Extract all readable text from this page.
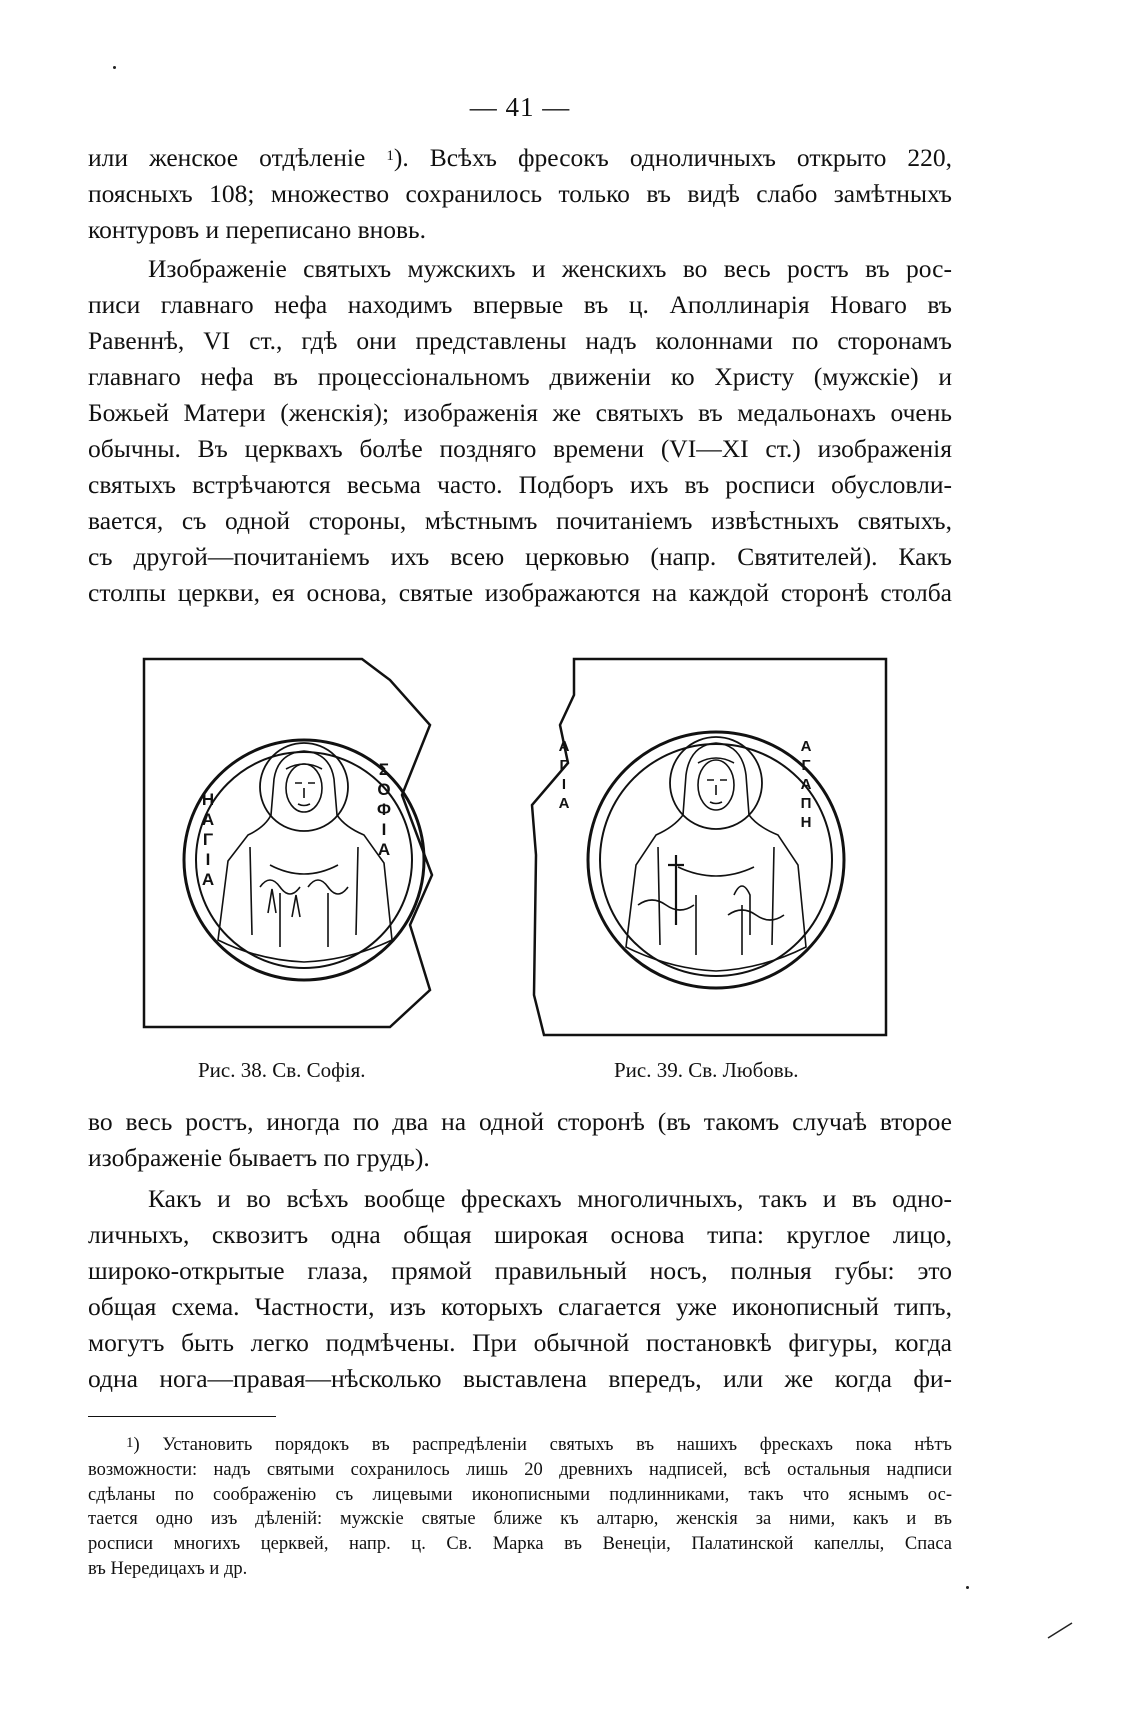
— 41 —
или женское отдѣленіе $^1$). Всѣхъ фресокъ одноличныхъ открыто 220,
поясныхъ 108; множество сохранилось только въ видѣ слабо замѣтныхъ
контуровъ и переписано вновь.
Изображеніе святыхъ мужскихъ и женскихъ во весь ростъ въ рос-
писи главнаго нефа находимъ впервые въ ц. Аполлинарія Новаго въ
Равеннѣ, VI ст., гдѣ они представлены надъ колоннами по сторонамъ
главнаго нефа въ процессіональномъ движеніи ко Христу (мужскіе) и
Божьей Матери (женскія); изображенія же святыхъ въ медальонахъ очень
обычны. Въ церквахъ болѣе поздняго времени (VI—XI ст.) изображенія
святыхъ встрѣчаются весьма часто. Подборъ ихъ въ росписи обусловли-
вается, съ одной стороны, мѣстнымъ почитаніемъ извѣстныхъ святыхъ,
съ другой—почитаніемъ ихъ всею церковью (напр. Святителей). Какъ
столпы церкви, ея основа, святые изображаются на каждой сторонѣ столба
Η
Α
Γ
Ι
Α
Σ
Ο
Φ
Ι
Α
Рис. 38. Св. Софія.
Α
Γ
Ι
Α
Α
Γ
Α
Π
Η
Рис. 39. Св. Любовь.
во весь ростъ, иногда по два на одной сторонѣ (въ такомъ случаѣ второе
изображеніе бываетъ по грудь).
Какъ и во всѣхъ вообще фрескахъ многоличныхъ, такъ и въ одно-
личныхъ, сквозитъ одна общая широкая основа типа: круглое лицо,
широко-открытые глаза, прямой правильный носъ, полныя губы: это
общая схема. Частности, изъ которыхъ слагается уже иконописный типъ,
могутъ быть легко подмѣчены. При обычной постановкѣ фигуры, когда
одна нога—правая—нѣсколько выставлена впередъ, или же когда фи-
$^1$) Установить порядокъ въ распредѣленіи святыхъ въ нашихъ фрескахъ пока нѣтъ
возможности: надъ святыми сохранилось лишь 20 древнихъ надписей, всѣ остальныя надписи
сдѣланы по соображенію съ лицевыми иконописными подлинниками, такъ что яснымъ ос-
тается одно изъ дѣленій: мужскіе святые ближе къ алтарю, женскія за ними, какъ и въ
росписи многихъ церквей, напр. ц. Св. Марка въ Венеціи, Палатинской капеллы, Спаса
въ Нередицахъ и др.
